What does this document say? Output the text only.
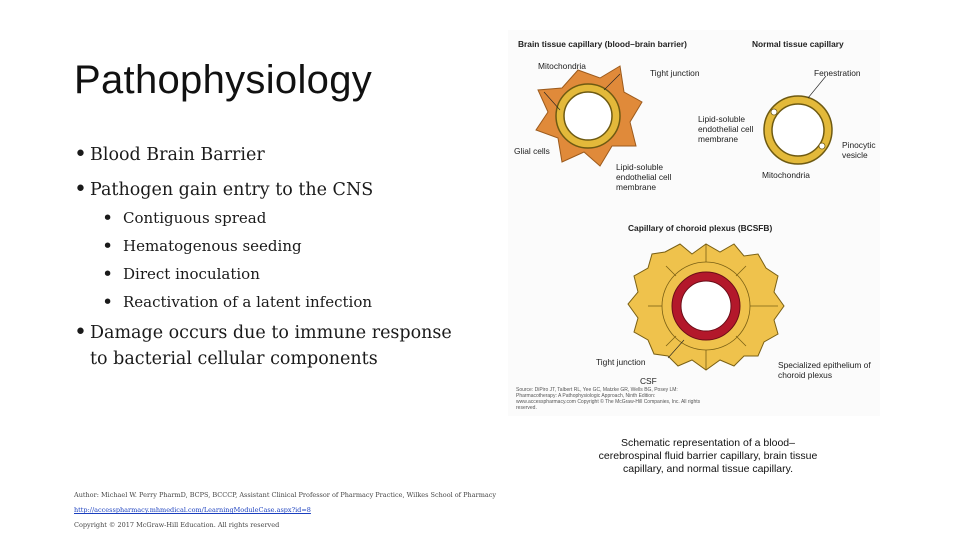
Pathophysiology
• Blood Brain Barrier
• Pathogen gain entry to the CNS
• Contiguous spread
• Hematogenous seeding
• Direct inoculation
• Reactivation of a latent infection
• Damage occurs due to immune response to bacterial cellular components
Brain tissue capillary (blood–brain barrier)	Normal tissue capillary
Mitochondria
Tight junction
Glial cells
Lipid-soluble endothelial cell membrane
Fenestration
Lipid-soluble endothelial cell membrane
Pinocytic vesicle
Mitochondria
Capillary of choroid plexus (BCSFB)
Tight junction
CSF
Specialized epithelium of choroid plexus
Source: DiPiro JT, Talbert RL, Yee GC, Matzke GR, Wells BG, Posey LM: Pharmacotherapy: A Pathophysiologic Approach, Ninth Edition: www.accesspharmacy.com Copyright © The McGraw-Hill Companies, Inc. All rights reserved.
Schematic representation of a blood–cerebrospinal fluid barrier capillary, brain tissue capillary, and normal tissue capillary.
Author: Michael W. Perry PharmD, BCPS, BCCCP, Assistant Clinical Professor of Pharmacy Practice, Wilkes School of Pharmacy
http://accesspharmacy.mhmedical.com/LearningModuleCase.aspx?id=8
Copyright © 2017 McGraw-Hill Education. All rights reserved
